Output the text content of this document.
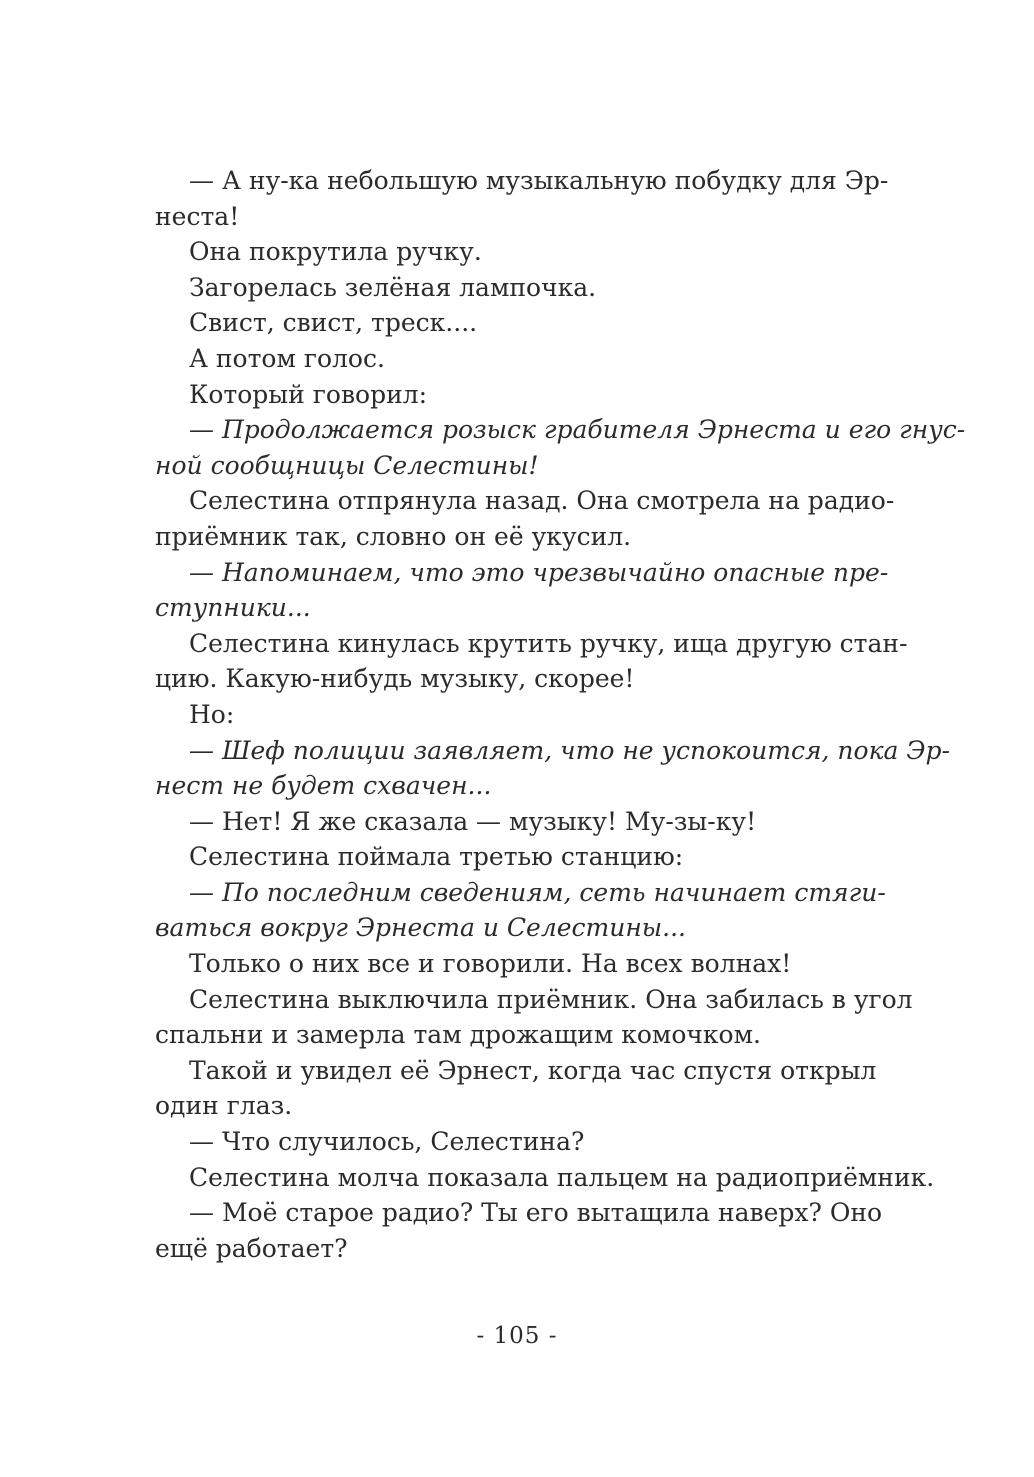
— А ну-ка небольшую музыкальную побудку для Эр-
неста!
Она покрутила ручку.
Загорелась зелёная лампочка.
Свист, свист, треск....
А потом голос.
Который говорил:
— Продолжается розыск грабителя Эрнеста и его гнус-
ной сообщницы Селестины!
Селестина отпрянула назад. Она смотрела на радио-
приёмник так, словно он её укусил.
— Напоминаем, что это чрезвычайно опасные пре-
ступники...
Селестина кинулась крутить ручку, ища другую стан-
цию. Какую-нибудь музыку, скорее!
Но:
— Шеф полиции заявляет, что не успокоится, пока Эр-
нест не будет схвачен...
— Нет! Я же сказала — музыку! Му-зы-ку!
Селестина поймала третью станцию:
— По последним сведениям, сеть начинает стяги-
ваться вокруг Эрнеста и Селестины...
Только о них все и говорили. На всех волнах!
Селестина выключила приёмник. Она забилась в угол
спальни и замерла там дрожащим комочком.
Такой и увидел её Эрнест, когда час спустя открыл
один глаз.
— Что случилось, Селестина?
Селестина молча показала пальцем на радиоприёмник.
— Моё старое радио? Ты его вытащила наверх? Оно
ещё работает?
- 105 -
